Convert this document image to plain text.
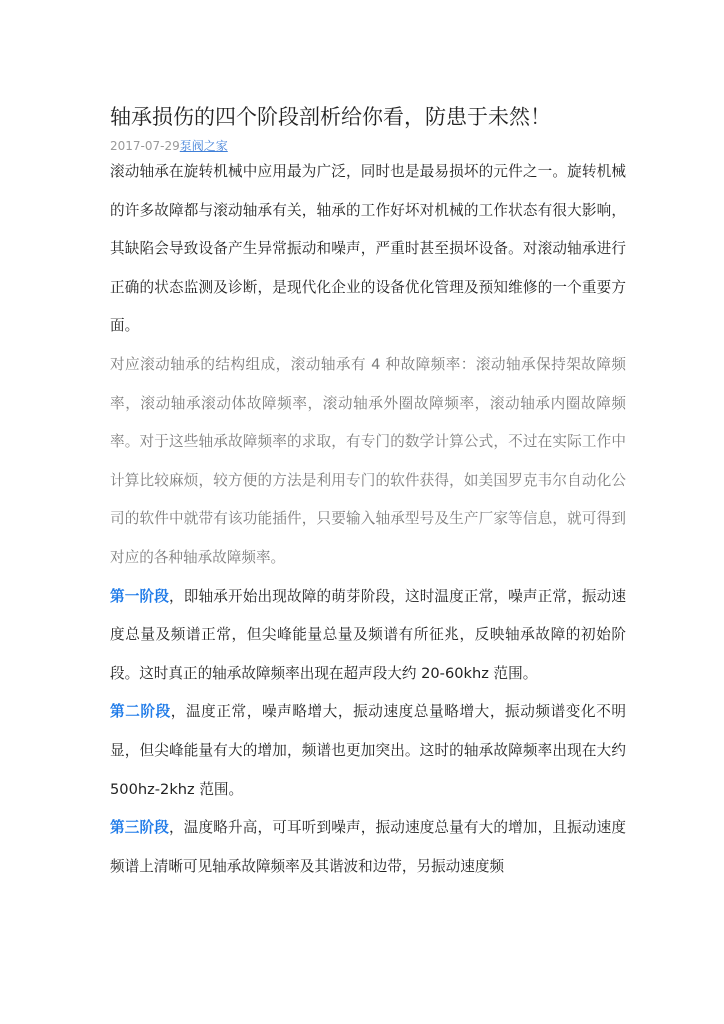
轴承损伤的四个阶段剖析给你看，防患于未然！
2017-07-29泵阀之家

滚动轴承在旋转机械中应用最为广泛，同时也是最易损坏的元件之一。旋转机械的许多故障都与滚动轴承有关，轴承的工作好坏对机械的工作状态有很大影响，其缺陷会导致设备产生异常振动和噪声，严重时甚至损坏设备。对滚动轴承进行正确的状态监测及诊断，是现代化企业的设备优化管理及预知维修的一个重要方面。

对应滚动轴承的结构组成，滚动轴承有 4 种故障频率：滚动轴承保持架故障频率，滚动轴承滚动体故障频率，滚动轴承外圈故障频率，滚动轴承内圈故障频率。对于这些轴承故障频率的求取，有专门的数学计算公式，不过在实际工作中计算比较麻烦，较方便的方法是利用专门的软件获得，如美国罗克韦尔自动化公司的软件中就带有该功能插件，只要输入轴承型号及生产厂家等信息，就可得到对应的各种轴承故障频率。

第一阶段，即轴承开始出现故障的萌芽阶段，这时温度正常，噪声正常，振动速度总量及频谱正常，但尖峰能量总量及频谱有所征兆，反映轴承故障的初始阶段。这时真正的轴承故障频率出现在超声段大约 20-60khz 范围。

第二阶段，温度正常，噪声略增大，振动速度总量略增大，振动频谱变化不明显，但尖峰能量有大的增加，频谱也更加突出。这时的轴承故障频率出现在大约 500hz-2khz 范围。

第三阶段，温度略升高，可耳听到噪声，振动速度总量有大的增加，且振动速度频谱上清晰可见轴承故障频率及其谐波和边带，另振动速度频
